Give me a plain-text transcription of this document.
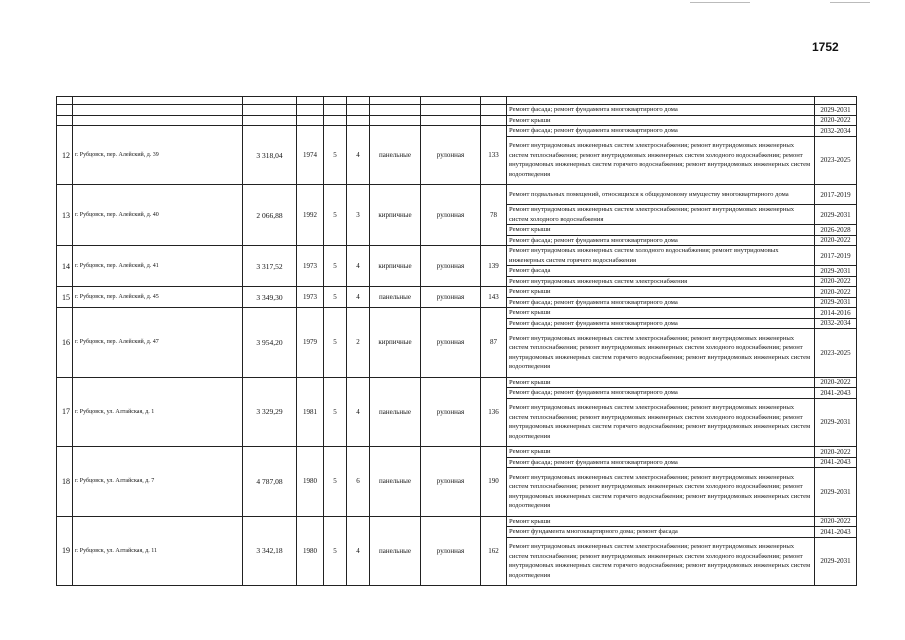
1752

									Ремонт фасада; ремонт фундамента многоквартирного дома	2029-2031
									Ремонт крыши	2020-2022
12	г. Рубцовск, пер. Алейский, д. 39	3 318,04	1974	5	4	панельные	рулонная	133	Ремонт фасада; ремонт фундамента многоквартирного дома	2032-2034
									Ремонт внутридомовых инженерных систем электроснабжения; ремонт внутридомовых инженерных систем теплоснабжения; ремонт внутридомовых инженерных систем холодного водоснабжения; ремонт внутридомовых инженерных систем горячего водоснабжения; ремонт внутридомовых инженерных систем водоотведения	2023-2025
13	г. Рубцовск, пер. Алейский, д. 40	2 066,88	1992	5	3	кирпичные	рулонная	78	Ремонт подвальных помещений, относящихся к общедомовому имуществу многоквартирного дома	2017-2019
									Ремонт внутридомовых инженерных систем электроснабжения; ремонт внутридомовых инженерных систем холодного водоснабжения	2029-2031
									Ремонт крыши	2026-2028
									Ремонт фасада; ремонт фундамента многоквартирного дома	2020-2022
14	г. Рубцовск, пер. Алейский, д. 41	3 317,52	1973	5	4	кирпичные	рулонная	139	Ремонт внутридомовых инженерных систем холодного водоснабжения; ремонт внутридомовых инженерных систем горячего водоснабжения	2017-2019
									Ремонт фасада	2029-2031
									Ремонт внутридомовых инженерных систем электроснабжения	2020-2022
15	г. Рубцовск, пер. Алейский, д. 45	3 349,30	1973	5	4	панельные	рулонная	143	Ремонт крыши	2020-2022
									Ремонт фасада; ремонт фундамента многоквартирного дома	2029-2031
16	г. Рубцовск, пер. Алейский, д. 47	3 954,20	1979	5	2	кирпичные	рулонная	87	Ремонт крыши	2014-2016
									Ремонт фасада; ремонт фундамента многоквартирного дома	2032-2034
									Ремонт внутридомовых инженерных систем электроснабжения; ремонт внутридомовых инженерных систем теплоснабжения; ремонт внутридомовых инженерных систем холодного водоснабжения; ремонт внутридомовых инженерных систем горячего водоснабжения; ремонт внутридомовых инженерных систем водоотведения	2023-2025
17	г. Рубцовск, ул. Алтайская, д. 1	3 329,29	1981	5	4	панельные	рулонная	136	Ремонт крыши	2020-2022
									Ремонт фасада; ремонт фундамента многоквартирного дома	2041-2043
									Ремонт внутридомовых инженерных систем электроснабжения; ремонт внутридомовых инженерных систем теплоснабжения; ремонт внутридомовых инженерных систем холодного водоснабжения; ремонт внутридомовых инженерных систем горячего водоснабжения; ремонт внутридомовых инженерных систем водоотведения	2029-2031
18	г. Рубцовск, ул. Алтайская, д. 7	4 787,08	1980	5	6	панельные	рулонная	190	Ремонт крыши	2020-2022
									Ремонт фасада; ремонт фундамента многоквартирного дома	2041-2043
									Ремонт внутридомовых инженерных систем электроснабжения; ремонт внутридомовых инженерных систем теплоснабжения; ремонт внутридомовых инженерных систем холодного водоснабжения; ремонт внутридомовых инженерных систем горячего водоснабжения; ремонт внутридомовых инженерных систем водоотведения	2029-2031
19	г. Рубцовск, ул. Алтайская, д. 11	3 342,18	1980	5	4	панельные	рулонная	162	Ремонт крыши	2020-2022
									Ремонт фундамента многоквартирного дома; ремонт фасада	2041-2043
									Ремонт внутридомовых инженерных систем электроснабжения; ремонт внутридомовых инженерных систем теплоснабжения; ремонт внутридомовых инженерных систем холодного водоснабжения; ремонт внутридомовых инженерных систем горячего водоснабжения; ремонт внутридомовых инженерных систем водоотведения	2029-2031
